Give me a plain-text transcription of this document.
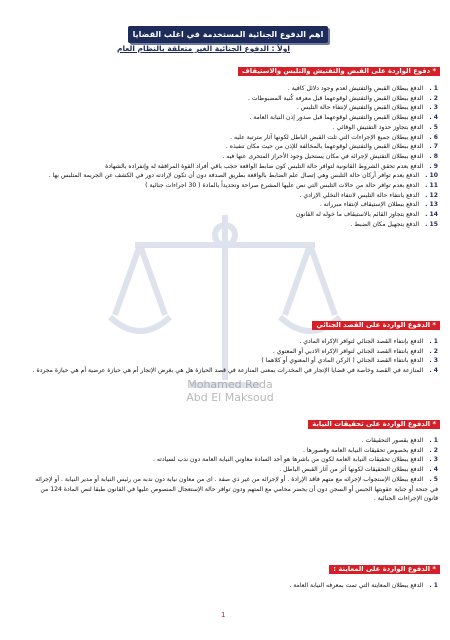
Mohamed Reda
Abd El Maksoud
اهم الدفوع الجنائية المستخدمة في اغلب القضايا
اولاً : الدفوع الجنائية الغير متعلقة بالنظام العام
* دفوع الواردة على القبض والتفتيش والتلبس والاستيقاف
1 .الدفع ببطلان القبض والتفتيش لعدم وجود دلائل كافية .
2 .الدفع ببطلان القبض والتفتيش لوقوعهما قبل معرفة كُنية المضبوطات .
3 .الدفع ببطلان القبض والتفتيش لإنتفاء حالة التلبس .
4 .الدفع ببطلان القبض والتفتيش لوقوعهما قبل صدور إذن النيابة العامة .
5 .الدفع بتجاوز حدود التفتيش الوقائي .
6 .الدفع ببطلان جميع الإجراءات التي تلت القبض الباطل لكونها آثار مترتبة عليه .
7 .الدفع ببطلان القبض والتفتيش لوقوعهما بالمخالفة للإذن من حيث مكان تنفيذه .
8 .الدفع ببطلان التفتيش لإجرائه في مكان يستحيل وجود الأحراز المتحرى عنها فيه .
9 .الدفع بعدم تحقق الشروط القانونية لتوافر حالة التلبس كون ضابط الواقعة حجب باقي أفراد القوة المرافقة له وإنفراده بالشهادة
10 .الدفع بعدم توافر أركان حالة التلبس وهي إتصال علم الضابط بالواقعة بطريق الصدفة دون أن تكون لإرادته دور في الكشف عن الجريمة المتلبس بها .
11 .الدفع بعدم توافر حالة من حالات التلبس التي نص عليها المشرع صراحة وتحديداً بالمادة ( 30 اجراءات جنائية )
12 .الدفع بانتفاء حالة التلبس لانتفاء التخلي الإرادي .
13 .الدفع ببطلان الإستيقاف لإنتفاء مبرراته .
14 .الدفع بتجاوز القائم بالاستيقاف ما خوله له القانون
15 .الدفع بتجهيل مكان الضبط .
* الدفوع الواردة على القصد الجنائي
1 .الدفع بإنتفاء القصد الجنائي لتوافر الإكراه المادي .
2 .الدفع بانتفاء القصد الجنائي لتوافر الإكراه الادبي أو المعنوي .
3 .الدفع بانتفاء القصد الجنائي ( الركن المادي أو المعنوي أو كلاهما )
4 .المنازعة في القصد وخاصة في قضايا الإتجار في المخدرات بمعنى المنازعة في قصد الحيازة هل هي بغرض الإتجار أم هي حيازة عرضية أم هي حيازة مجردة .
* الدفوع الواردة على تحقيقات النيابة
1 .الدفع بقصور التحقيقات .
2 .الدفع بخصوص تحقيقات النيابة العامة وقصورها .
3 .الدفع ببطلان تحقيقات النيابة العامة لكون من باشرها هو أحد السادة معاوني النيابة العامة دون ندب لسيادته .
4 .الدفع ببطلان التحقيقات لكونها أثر من آثار القبض الباطل .
5 .الدفع ببطلان الإستجواب لإجرائه مع متهم فاقد الإرادة . أو لإجرائه من غير ذي صفة . اى من معاون نيابة دون ندبه من رئيس النيابة أو مدير النيابة . أو لإجرائه في جنحة أو جناية عقوبتها الحبس أو السجن دون أن يحضر محامي مع المتهم ودون توافر حالة الإستعجال المنصوص عليها في القانون طبقا لنص المادة 124 من قانون الإجراءات الجنائية .
* الدفوع الواردة على المعاينة :
1 .الدفع ببطلان المعاينة التي تمت بمعرفه النيابة العامة .
1
